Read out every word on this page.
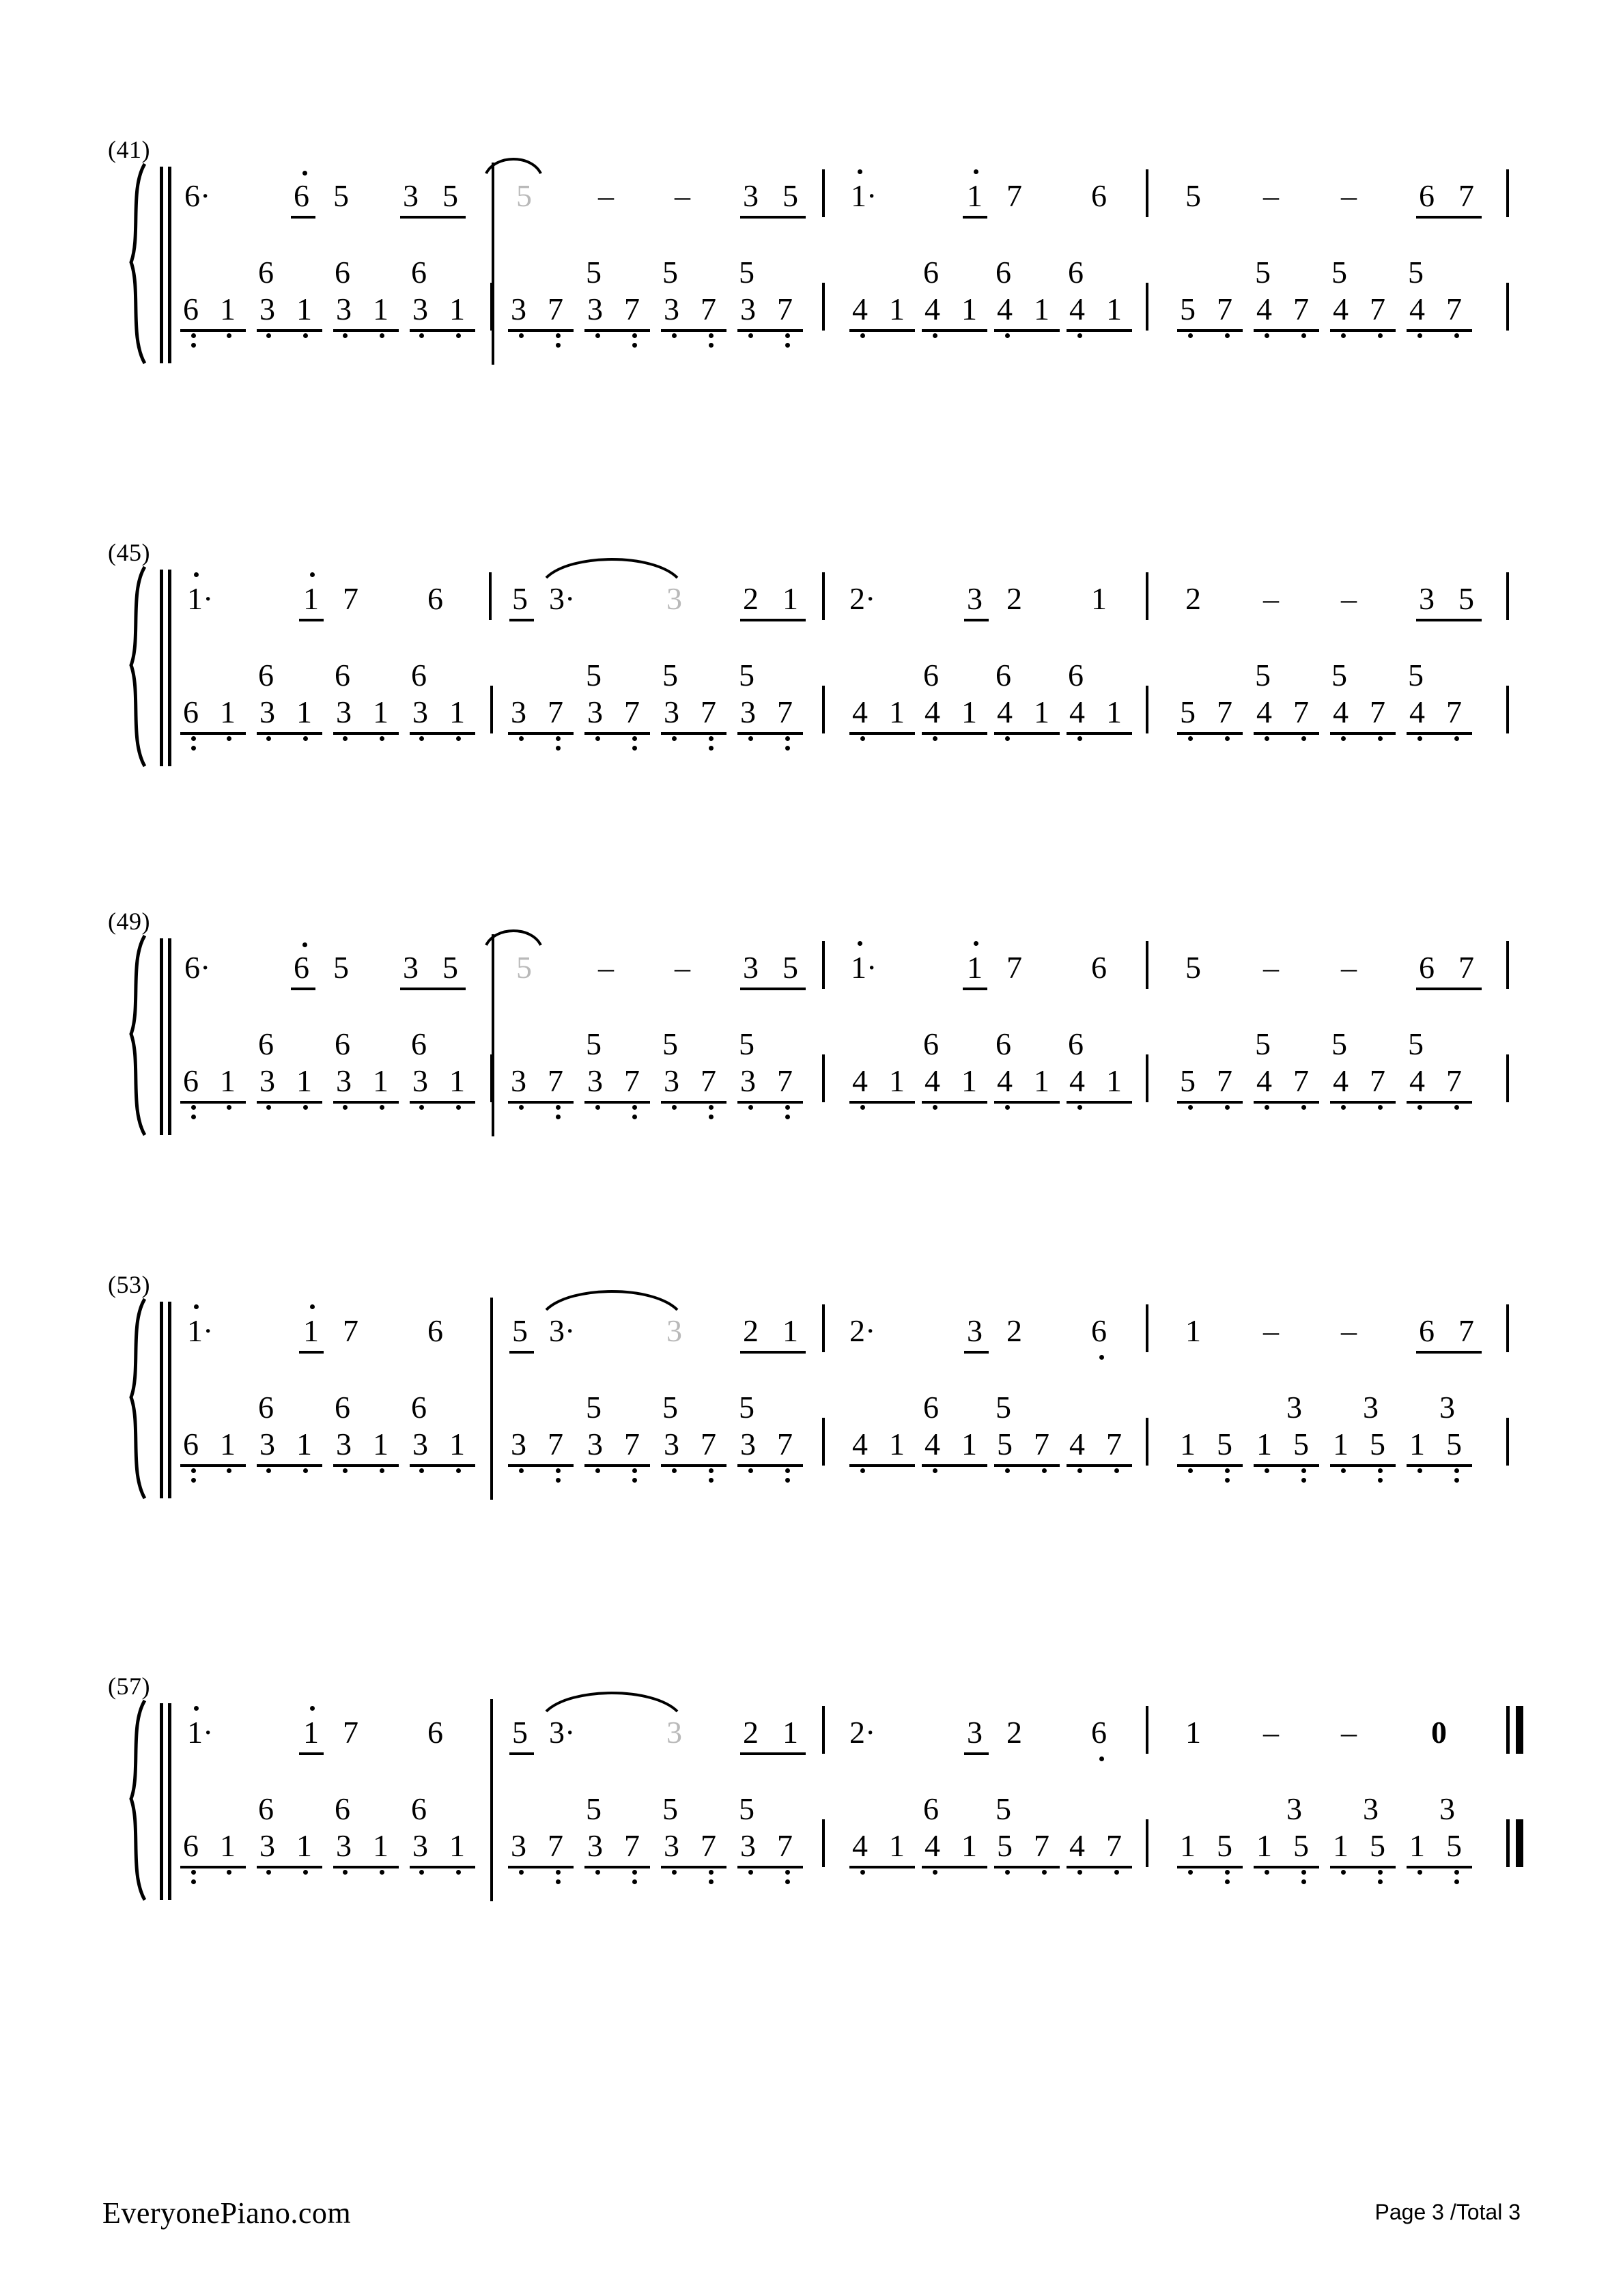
(41)
6·	6 5 3 5 5 – – 3 5 1·	1 7 6	5 – – 6 7
6 1 3
6
1 3
6
1 3
6
1 3 7 3
5
7 3
5
7 3
5
7 4 1 4
6
1 4
6
1 4
6
1 5 7 4
5
7 4
5
7 4
5
7
(45)
1·	1 7 6 5 3·	3 2 1 2·	3 2 1	2 – – 3 5
6 1 3
6
1 3
6
1 3
6
1 3 7 3
5
7 3
5
7 3
5
7 4 1 4
6
1 4
6
1 4
6
1 5 7 4
5
7 4
5
7 4
5
7
(49)
6·	6 5 3 5 5 – – 3 5 1·	1 7 6	5 – – 6 7
6 1 3
6
1 3
6
1 3
6
1 3 7 3
5
7 3
5
7 3
5
7 4 1 4
6
1 4
6
1 4
6
1 5 7 4
5
7 4
5
7 4
5
7
(53)
1·	1 7 6 5 3·	3 2 1 2·	3 2 6	1 – – 6 7
6 1 3
6
1 3
6
1 3
6
1 3 7 3
5
7 3
5
7 3
5
7 4 1 4
6
1 5
5
7 4 7 1 5 1
3
5 1
3
5 1
3
5
(57)
1·	1 7 6 5 3·	3 2 1 2·	3 2 6	1 – – 0
6 1 3
6
1 3
6
1 3
6
1 3 7 3
5
7 3
5
7 3
5
7 4 1 4
6
1 5
5
7 4 7 1 5 1
3
5 1
3
5 1
3
5
EveryonePiano.com	Page 3 /Total 3
